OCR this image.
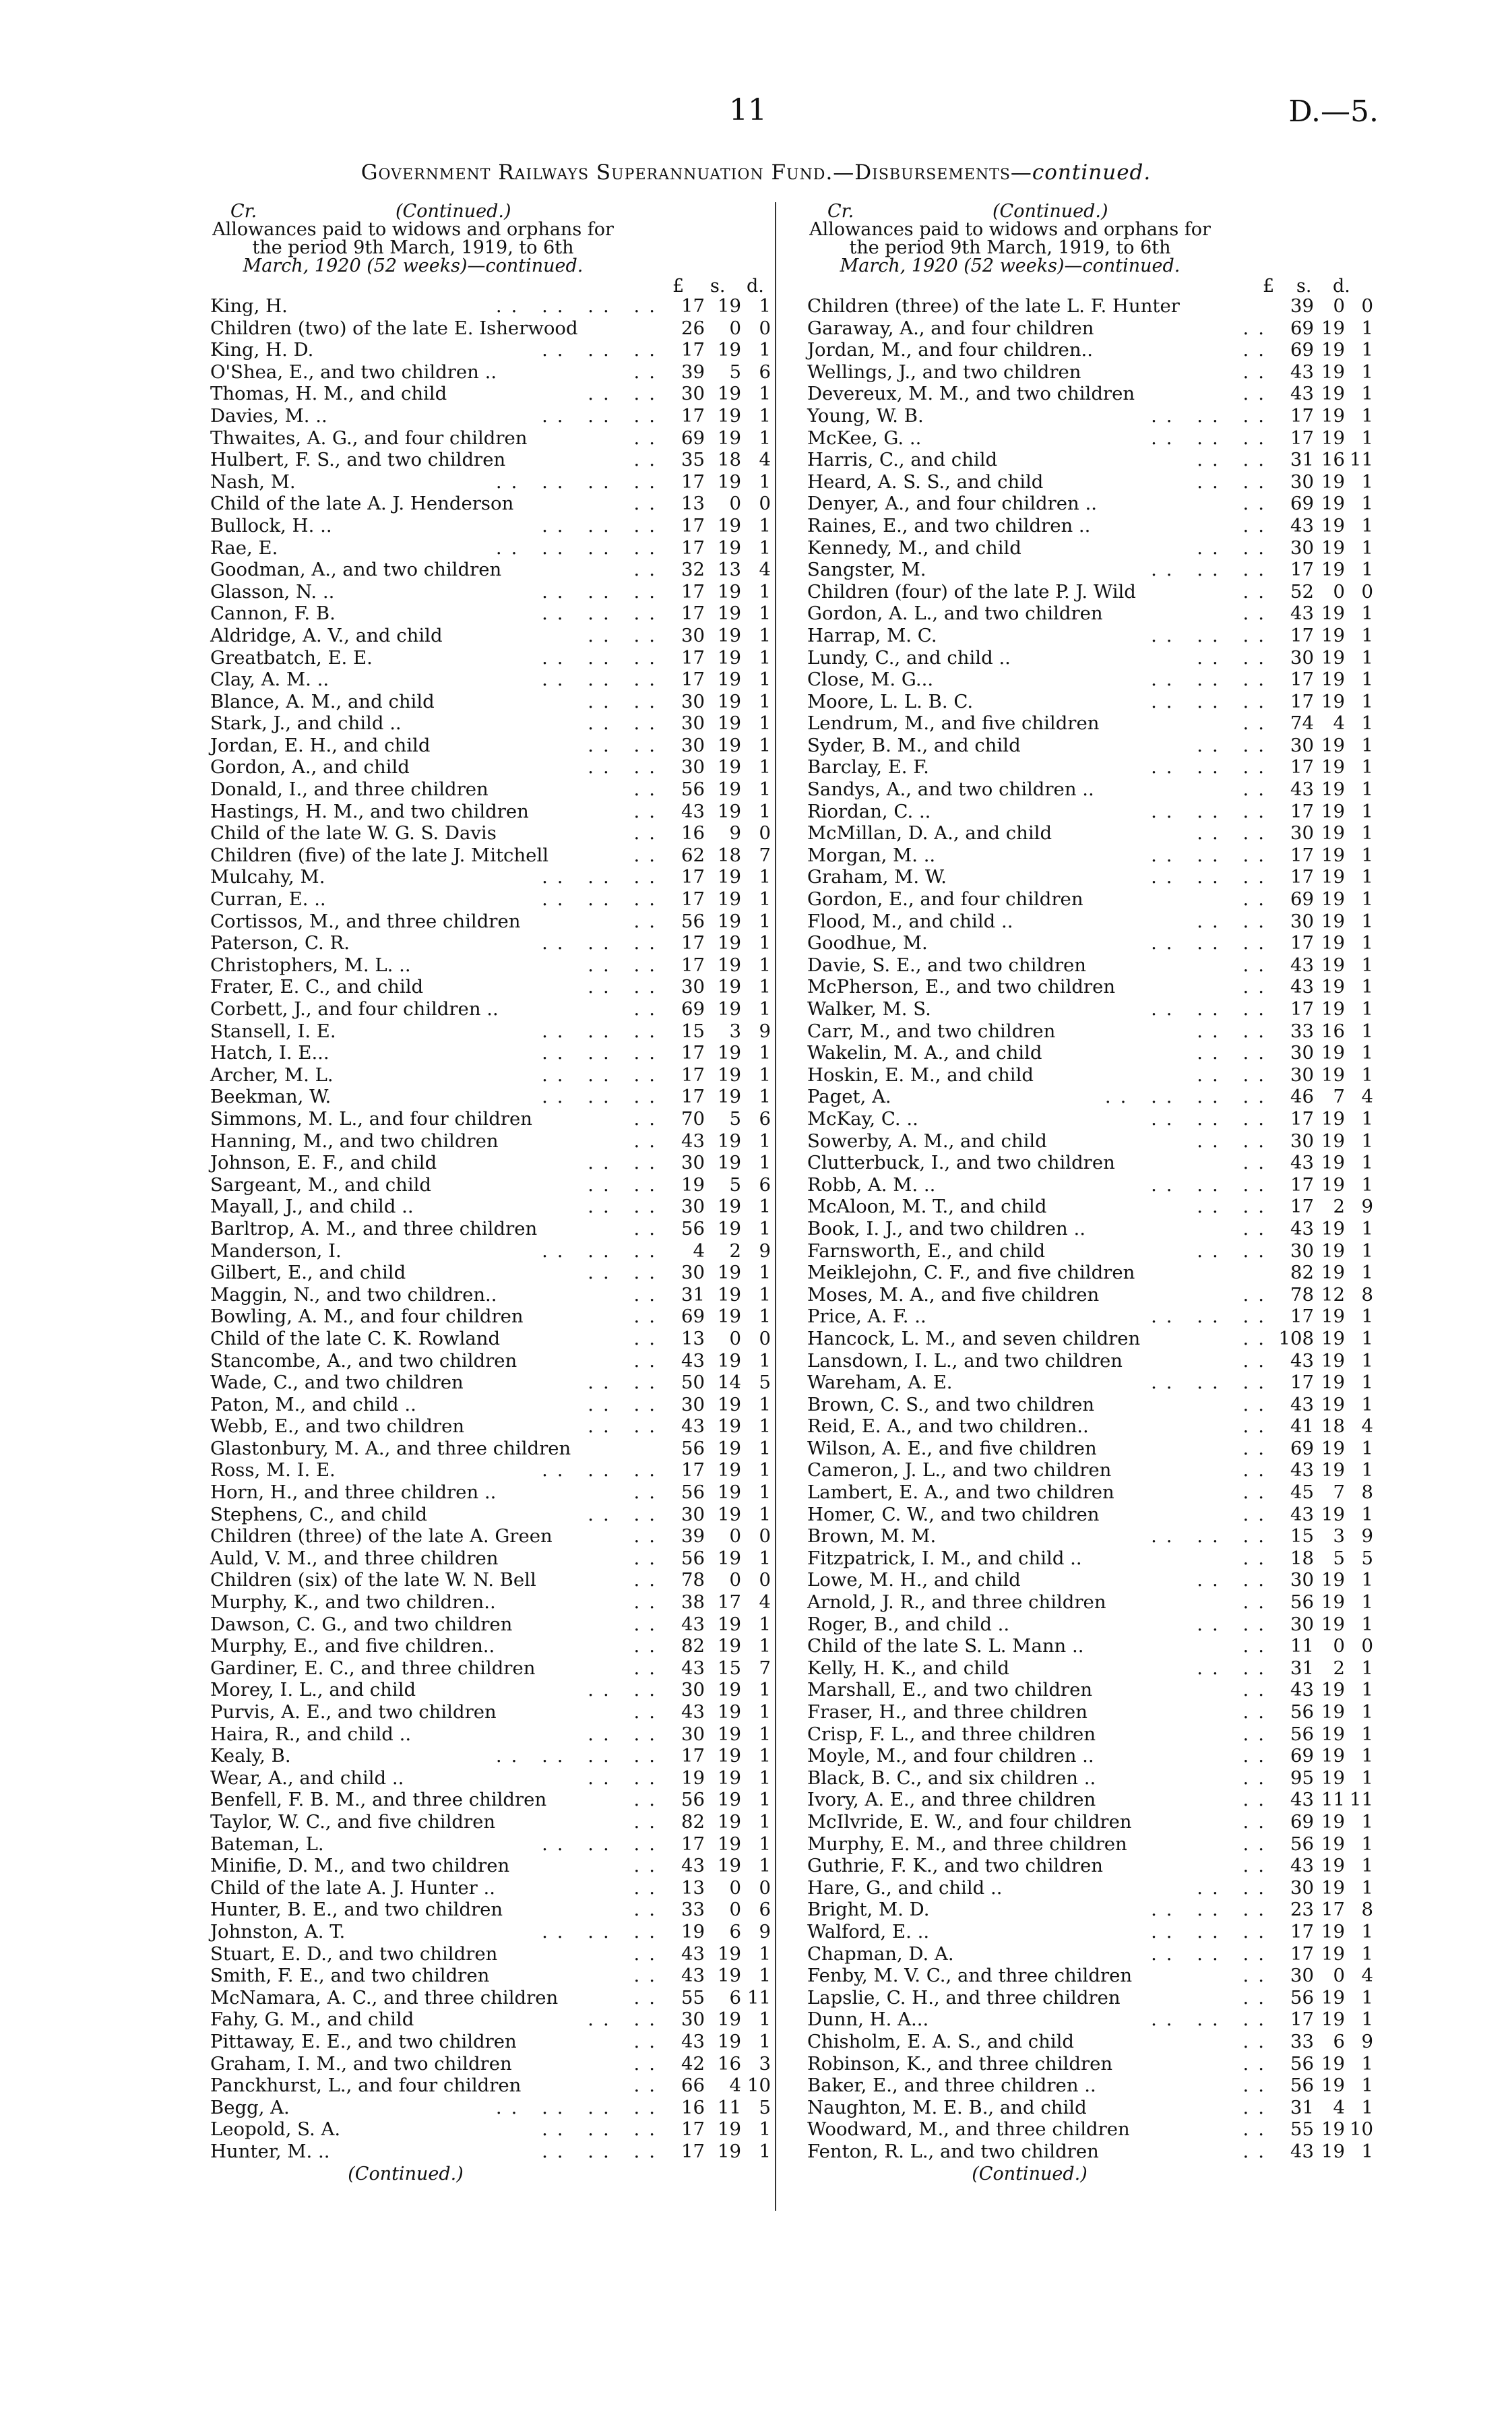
11	D.—5.
Government Railways Superannuation Fund.—Disbursements—continued.
Cr.	(Continued.)
Allowances paid to widows and orphans for
the period 9th March, 1919, to 6th
March, 1920 (52 weeks)—continued.
£ s. d.
King, H.	.. .. .. .. 17 19 1
Children (two) of the late E. Isherwood	26	0 0
King, H. D.	.. .. .. 17 19 1
O'Shea, E., and two children ..	.. 39	5 6
Thomas, H. M., and child	.. .. 30 19 1
Davies, M. ..	.. .. .. 17 19 1
Thwaites, A. G., and four children	.. 69 19 1
Hulbert, F. S., and two children	.. 35 18 4
Nash, M.	.. .. .. .. 17 19 1
Child of the late A. J. Henderson	.. 13	0 0
Bullock, H. ..	.. .. .. 17 19 1
Rae, E.	.. .. .. .. 17 19 1
Goodman, A., and two children	.. 32 13 4
Glasson, N. ..	.. .. .. 17 19 1
Cannon, F. B.	.. .. .. 17 19 1
Aldridge, A. V., and child	.. .. 30 19 1
Greatbatch, E. E.	.. .. .. 17 19 1
Clay, A. M. ..	.. .. .. 17 19 1
Blance, A. M., and child	.. .. 30 19 1
Stark, J., and child ..	.. .. 30 19 1
Jordan, E. H., and child	.. .. 30 19 1
Gordon, A., and child	.. .. 30 19 1
Donald, I., and three children	.. 56 19 1
Hastings, H. M., and two children	.. 43 19 1
Child of the late W. G. S. Davis	.. 16	9 0
Children (five) of the late J. Mitchell	.. 62 18 7
Mulcahy, M.	.. .. .. 17 19 1
Curran, E. ..	.. .. .. 17 19 1
Cortissos, M., and three children	.. 56 19 1
Paterson, C. R.	.. .. .. 17 19 1
Christophers, M. L. ..	.. .. 17 19 1
Frater, E. C., and child	.. .. 30 19 1
Corbett, J., and four children ..	.. 69 19 1
Stansell, I. E.	.. .. .. 15	3 9
Hatch, I. E...	.. .. .. 17 19 1
Archer, M. L.	.. .. .. 17 19 1
Beekman, W.	.. .. .. 17 19 1
Simmons, M. L., and four children	.. 70	5 6
Hanning, M., and two children	.. 43 19 1
Johnson, E. F., and child	.. .. 30 19 1
Sargeant, M., and child	.. .. 19	5 6
Mayall, J., and child ..	.. .. 30 19 1
Barltrop, A. M., and three children	.. 56 19 1
Manderson, I.	.. .. ..	4	2 9
Gilbert, E., and child	.. .. 30 19 1
Maggin, N., and two children..	.. 31 19 1
Bowling, A. M., and four children	.. 69 19 1
Child of the late C. K. Rowland	.. 13	0 0
Stancombe, A., and two children	.. 43 19 1
Wade, C., and two children	.. .. 50 14 5
Paton, M., and child ..	.. .. 30 19 1
Webb, E., and two children	.. .. 43 19 1
Glastonbury, M. A., and three children	56 19 1
Ross, M. I. E.	.. .. .. 17 19 1
Horn, H., and three children ..	.. 56 19 1
Stephens, C., and child	.. .. 30 19 1
Children (three) of the late A. Green	.. 39	0 0
Auld, V. M., and three children	.. 56 19 1
Children (six) of the late W. N. Bell	.. 78	0 0
Murphy, K., and two children..	.. 38 17 4
Dawson, C. G., and two children	.. 43 19 1
Murphy, E., and five children..	.. 82 19 1
Gardiner, E. C., and three children	.. 43 15 7
Morey, I. L., and child	.. .. 30 19 1
Purvis, A. E., and two children	.. 43 19 1
Haira, R., and child ..	.. .. 30 19 1
Kealy, B.	.. .. .. .. 17 19 1
Wear, A., and child ..	.. .. 19 19 1
Benfell, F. B. M., and three children	.. 56 19 1
Taylor, W. C., and five children	.. 82 19 1
Bateman, L.	.. .. .. 17 19 1
Minifie, D. M., and two children	.. 43 19 1
Child of the late A. J. Hunter ..	.. 13	0 0
Hunter, B. E., and two children	.. 33	0 6
Johnston, A. T.	.. .. .. 19	6 9
Stuart, E. D., and two children	.. 43 19 1
Smith, F. E., and two children	.. 43 19 1
McNamara, A. C., and three children	.. 55	6 11
Fahy, G. M., and child	.. .. 30 19 1
Pittaway, E. E., and two children	.. 43 19 1
Graham, I. M., and two children	.. 42 16 3
Panckhurst, L., and four children	.. 66	4 10
Begg, A.	.. .. .. .. 16 11 5
Leopold, S. A.	.. .. .. 17 19 1
Hunter, M. ..	.. .. .. 17 19 1
(Continued.)
Cr.	(Continued.)
Allowances paid to widows and orphans for
the period 9th March, 1919, to 6th
March, 1920 (52 weeks)—continued.
£ s. d.
Children (three) of the late L. F. Hunter	39	0 0
Garaway, A., and four children	.. 69 19 1
Jordan, M., and four children..	.. 69 19 1
Wellings, J., and two children	.. 43 19 1
Devereux, M. M., and two children	.. 43 19 1
Young, W. B.	.. .. .. 17 19 1
McKee, G. ..	.. .. .. 17 19 1
Harris, C., and child	.. .. 31 16 11
Heard, A. S. S., and child	.. .. 30 19 1
Denyer, A., and four children ..	.. 69 19 1
Raines, E., and two children ..	.. 43 19 1
Kennedy, M., and child	.. .. 30 19 1
Sangster, M.	.. .. .. 17 19 1
Children (four) of the late P. J. Wild	.. 52	0 0
Gordon, A. L., and two children	.. 43 19 1
Harrap, M. C.	.. .. .. 17 19 1
Lundy, C., and child ..	.. .. 30 19 1
Close, M. G...	.. .. .. 17 19 1
Moore, L. L. B. C.	.. .. .. 17 19 1
Lendrum, M., and five children	.. 74	4 1
Syder, B. M., and child	.. .. 30 19 1
Barclay, E. F.	.. .. .. 17 19 1
Sandys, A., and two children ..	.. 43 19 1
Riordan, C. ..	.. .. .. 17 19 1
McMillan, D. A., and child	.. .. 30 19 1
Morgan, M. ..	.. .. .. 17 19 1
Graham, M. W.	.. .. .. 17 19 1
Gordon, E., and four children	.. 69 19 1
Flood, M., and child ..	.. .. 30 19 1
Goodhue, M.	.. .. .. 17 19 1
Davie, S. E., and two children	.. 43 19 1
McPherson, E., and two children	.. 43 19 1
Walker, M. S.	.. .. .. 17 19 1
Carr, M., and two children	.. .. 33 16 1
Wakelin, M. A., and child	.. .. 30 19 1
Hoskin, E. M., and child	.. .. 30 19 1
Paget, A.	.. .. .. .. 46	7 4
McKay, C. ..	.. .. .. 17 19 1
Sowerby, A. M., and child	.. .. 30 19 1
Clutterbuck, I., and two children	.. 43 19 1
Robb, A. M. ..	.. .. .. 17 19 1
McAloon, M. T., and child	.. .. 17	2 9
Book, I. J., and two children ..	.. 43 19 1
Farnsworth, E., and child	.. .. 30 19 1
Meiklejohn, C. F., and five children	82 19 1
Moses, M. A., and five children	.. 78 12 8
Price, A. F. ..	.. .. .. 17 19 1
Hancock, L. M., and seven children	.. 108 19 1
Lansdown, I. L., and two children	.. 43 19 1
Wareham, A. E.	.. .. .. 17 19 1
Brown, C. S., and two children	.. 43 19 1
Reid, E. A., and two children..	.. 41 18 4
Wilson, A. E., and five children	.. 69 19 1
Cameron, J. L., and two children	.. 43 19 1
Lambert, E. A., and two children	.. 45	7 8
Homer, C. W., and two children	.. 43 19 1
Brown, M. M.	.. .. .. 15	3 9
Fitzpatrick, I. M., and child ..	.. 18	5 5
Lowe, M. H., and child	.. .. 30 19 1
Arnold, J. R., and three children	.. 56 19 1
Roger, B., and child ..	.. .. 30 19 1
Child of the late S. L. Mann ..	.. 11	0 0
Kelly, H. K., and child	.. .. 31	2 1
Marshall, E., and two children	.. 43 19 1
Fraser, H., and three children	.. 56 19 1
Crisp, F. L., and three children	.. 56 19 1
Moyle, M., and four children ..	.. 69 19 1
Black, B. C., and six children ..	.. 95 19 1
Ivory, A. E., and three children	.. 43 11 11
McIlvride, E. W., and four children	.. 69 19 1
Murphy, E. M., and three children	.. 56 19 1
Guthrie, F. K., and two children	.. 43 19 1
Hare, G., and child ..	.. .. 30 19 1
Bright, M. D.	.. .. .. 23 17 8
Walford, E. ..	.. .. .. 17 19 1
Chapman, D. A.	.. .. .. 17 19 1
Fenby, M. V. C., and three children	.. 30	0 4
Lapslie, C. H., and three children	.. 56 19 1
Dunn, H. A...	.. .. .. 17 19 1
Chisholm, E. A. S., and child	.. 33	6 9
Robinson, K., and three children	.. 56 19 1
Baker, E., and three children ..	.. 56 19 1
Naughton, M. E. B., and child	.. 31	4 1
Woodward, M., and three children	.. 55 19 10
Fenton, R. L., and two children	.. 43 19 1
(Continued.)
